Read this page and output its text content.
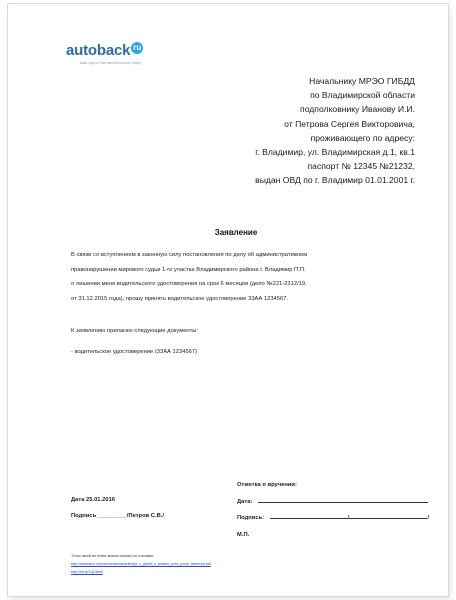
autoback ru
ваш гид по автомобильному миру
Начальнику МРЭО ГИБДД
по Владимирской области
подполковнику Иванову И.И.
от Петрова Сергея Викторовича,
проживающего по адресу:
г. Владимир, ул. Владимирская д.1, кв.1
паспорт № 12345 №21232,
выдан ОВД по г. Владимир 01.01.2001 г.
Заявление
В связи со вступлением в законную силу постановления по делу об административном
правонарушении мирового судьи 1-го участка Владимирского района г. Владимир П.П.
о лишении меня водительского удостоверения на срок 6 месяцев (дело №221-2312/19,
от 31.12.2015 года), прошу принять водительское удостоверение 33АА 1234567.
К заявлению прилагаю следующие документы:
- водительское удостоверение (33АА 1234567)
Отметка о вручении:
Дата:
Подпись:	/	/
М.П.
Дата 25.01.2016
Подпись _________/Петров С.В./
Точно такой же бланк можно скачать по ссылкам:
http://autoback.ru/documents/zayavleniya_v_gibdd_o_sdache_prav_posle_lisheniya.pdf
http://bit.ly/1Qy3bs8
